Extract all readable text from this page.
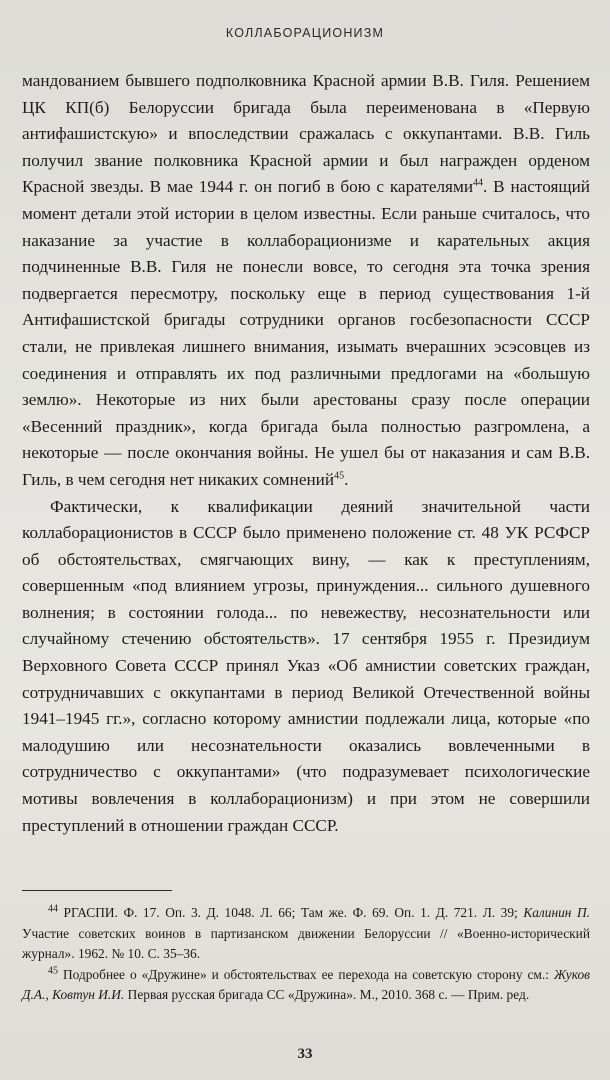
КОЛЛАБОРАЦИОНИЗМ

мандованием бывшего подполковника Красной армии В.В. Гиля. Решением ЦК КП(б) Белоруссии бригада была переименована в «Первую антифашистскую» и впоследствии сражалась с оккупантами. В.В. Гиль получил звание полковника Красной армии и был награжден орденом Красной звезды. В мае 1944 г. он погиб в бою с карателями$^{44}$. В настоящий момент детали этой истории в целом известны. Если раньше считалось, что наказание за участие в коллаборационизме и карательных акция подчиненные В.В. Гиля не понесли вовсе, то сегодня эта точка зрения подвергается пересмотру, поскольку еще в период существования 1-й Антифашистской бригады сотрудники органов госбезопасности СССР стали, не привлекая лишнего внимания, изымать вчерашних эсэсовцев из соединения и отправлять их под различными предлогами на «большую землю». Некоторые из них были арестованы сразу после операции «Весенний праздник», когда бригада была полностью разгромлена, а некоторые — после окончания войны. Не ушел бы от наказания и сам В.В. Гиль, в чем сегодня нет никаких сомнений$^{45}$.

Фактически, к квалификации деяний значительной части коллаборационистов в СССР было применено положение ст. 48 УК РСФСР об обстоятельствах, смягчающих вину, — как к преступлениям, совершенным «под влиянием угрозы, принуждения... сильного душевного волнения; в состоянии голода... по невежеству, несознательности или случайному стечению обстоятельств». 17 сентября 1955 г. Президиум Верховного Совета СССР принял Указ «Об амнистии советских граждан, сотрудничавших с оккупантами в период Великой Отечественной войны 1941–1945 гг.», согласно которому амнистии подлежали лица, которые «по малодушию или несознательности оказались вовлеченными в сотрудничество с оккупантами» (что подразумевает психологические мотивы вовлечения в коллаборационизм) и при этом не совершили преступлений в отношении граждан СССР.

$^{44}$ РГАСПИ. Ф. 17. Оп. 3. Д. 1048. Л. 66; Там же. Ф. 69. Оп. 1. Д. 721. Л. 39; Калинин П. Участие советских воинов в партизанском движении Белоруссии // «Военно-исторический журнал». 1962. № 10. С. 35–36.

$^{45}$ Подробнее о «Дружине» и обстоятельствах ее перехода на советскую сторону см.: Жуков Д.А., Ковтун И.И. Первая русская бригада СС «Дружина». М., 2010. 368 с. — Прим. ред.

33
